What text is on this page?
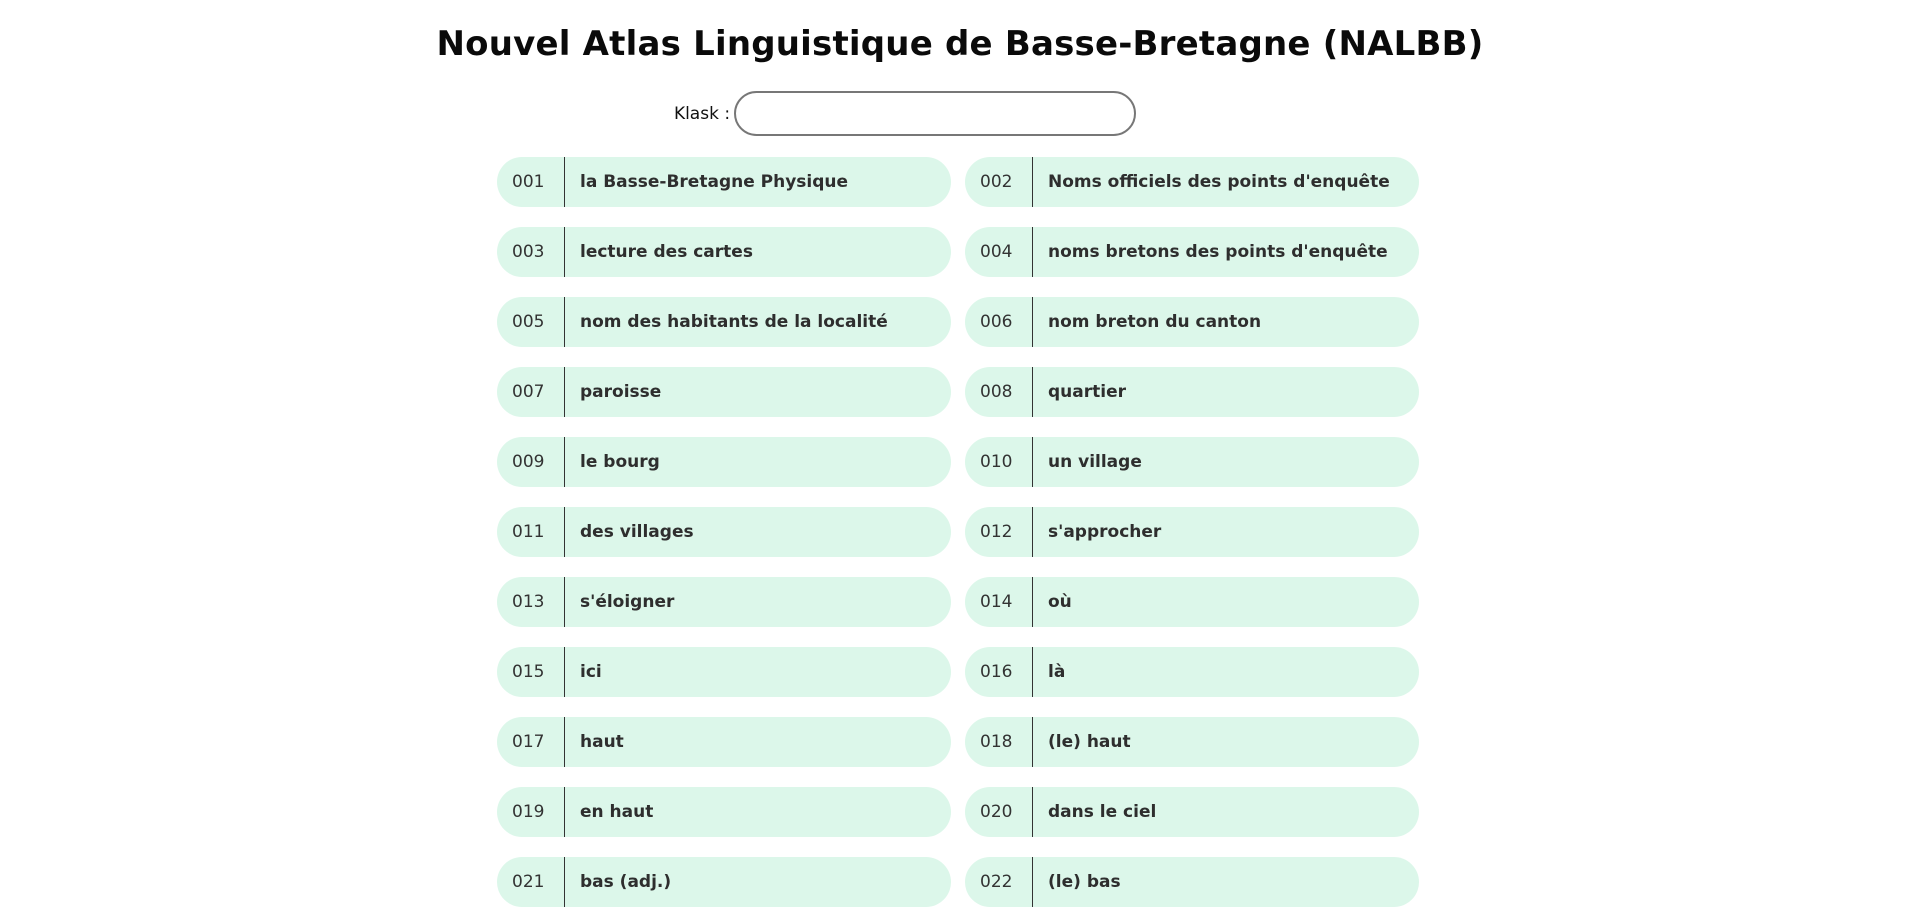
Nouvel Atlas Linguistique de Basse-Bretagne (NALBB)
Klask :
001	la Basse-Bretagne Physique	002	Noms officiels des points d'enquête
003	lecture des cartes	004	noms bretons des points d'enquête
005	nom des habitants de la localité	006	nom breton du canton
007	paroisse	008	quartier
009	le bourg	010	un village
011	des villages	012	s'approcher
013	s'éloigner	014	où
015	ici	016	là
017	haut	018	(le) haut
019	en haut	020	dans le ciel
021	bas (adj.)	022	(le) bas
